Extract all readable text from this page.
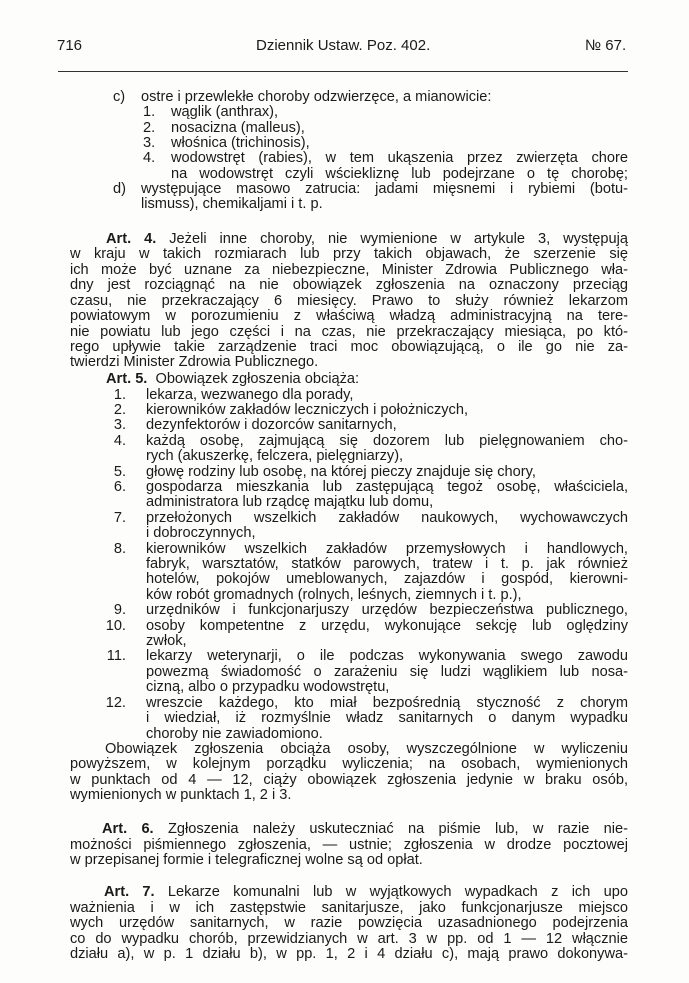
716	Dziennik Ustaw. Poz. 402.	№ 67.
c) ostre i przewlekłe choroby odzwierzęce, a mianowicie:
1. wąglik (anthrax),
2. nosacizna (malleus),
3. włośnica (trichinosis),
4. wodowstręt (rabies), w tem ukąszenia przez zwierzęta chore
na wodowstręt czyli wściekliznę lub podejrzane o tę chorobę;
d) występujące masowo zatrucia: jadami mięsnemi i rybiemi (botu-
lismuss), chemikaljami i t. p.
Art. 4. Jeżeli inne choroby, nie wymienione w artykule 3, występują
w kraju w takich rozmiarach lub przy takich objawach, że szerzenie się
ich może być uznane za niebezpieczne, Minister Zdrowia Publicznego wła-
dny jest rozciągnąć na nie obowiązek zgłoszenia na oznaczony przeciąg
czasu, nie przekraczający 6 miesięcy. Prawo to służy również lekarzom
powiatowym w porozumieniu z właściwą władzą administracyjną na tere-
nie powiatu lub jego części i na czas, nie przekraczający miesiąca, po któ-
rego upływie takie zarządzenie traci moc obowiązującą, o ile go nie za-
twierdzi Minister Zdrowia Publicznego.
Art. 5. Obowiązek zgłoszenia obciąża:
1. lekarza, wezwanego dla porady,
2. kierowników zakładów leczniczych i położniczych,
3. dezynfektorów i dozorców sanitarnych,
4. każdą osobę, zajmującą się dozorem lub pielęgnowaniem cho-
rych (akuszerkę, felczera, pielęgniarzy),
5. głowę rodziny lub osobę, na której pieczy znajduje się chory,
6. gospodarza mieszkania lub zastępującą tegoż osobę, właściciela,
administratora lub rządcę majątku lub domu,
7. przełożonych wszelkich zakładów naukowych, wychowawczych
i dobroczynnych,
8. kierowników wszelkich zakładów przemysłowych i handlowych,
fabryk, warsztatów, statków parowych, tratew i t. p. jak również
hotelów, pokojów umeblowanych, zajazdów i gospód, kierowni-
ków robót gromadnych (rolnych, leśnych, ziemnych i t. p.),
9. urzędników i funkcjonarjuszy urzędów bezpieczeństwa publicznego,
10. osoby kompetentne z urzędu, wykonujące sekcję lub oględziny
zwłok,
11. lekarzy weterynarji, o ile podczas wykonywania swego zawodu
powezmą świadomość o zarażeniu się ludzi wąglikiem lub nosa-
cizną, albo o przypadku wodowstrętu,
12. wreszcie każdego, kto miał bezpośrednią styczność z chorym
i wiedział, iż rozmyślnie władz sanitarnych o danym wypadku
choroby nie zawiadomiono.
Obowiązek zgłoszenia obciąża osoby, wyszczególnione w wyliczeniu
powyższem, w kolejnym porządku wyliczenia; na osobach, wymienionych
w punktach od 4 — 12, ciąży obowiązek zgłoszenia jedynie w braku osób,
wymienionych w punktach 1, 2 i 3.
Art. 6. Zgłoszenia należy uskuteczniać na piśmie lub, w razie nie-
możności piśmiennego zgłoszenia, — ustnie; zgłoszenia w drodze pocztowej
w przepisanej formie i telegraficznej wolne są od opłat.
Art. 7. Lekarze komunalni lub w wyjątkowych wypadkach z ich upo
ważnienia i w ich zastępstwie sanitarjusze, jako funkcjonarjusze miejsco
wych urzędów sanitarnych, w razie powzięcia uzasadnionego podejrzenia
co do wypadku chorób, przewidzianych w art. 3 w pp. od 1 — 12 włącznie
działu a), w p. 1 działu b), w pp. 1, 2 i 4 działu c), mają prawo dokonywa-
